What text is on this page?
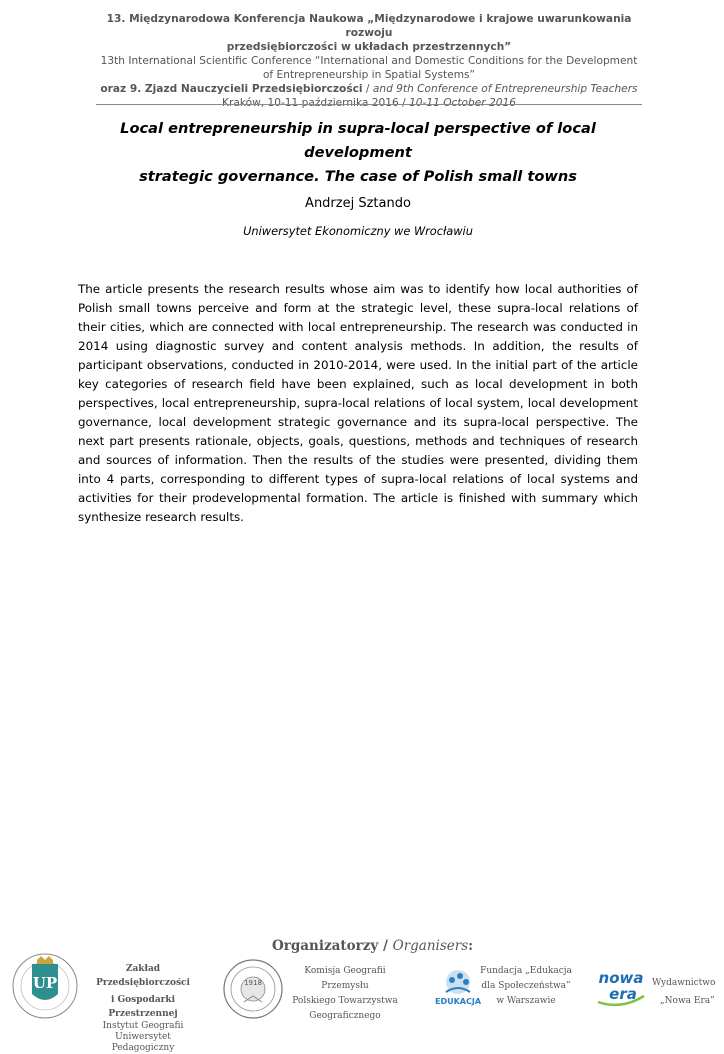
13. Międzynarodowa Konferencja Naukowa „Międzynarodowe i krajowe uwarunkowania rozwoju
przedsiębiorczości w układach przestrzennych”
13th International Scientific Conference “International and Domestic Conditions for the Development
of Entrepreneurship in Spatial Systems”
oraz 9. Zjazd Nauczycieli Przedsiębiorczości / and 9th Conference of Entrepreneurship Teachers
Kraków, 10-11 października 2016 / 10-11 October 2016
Local entrepreneurship in supra-local perspective of local development
strategic governance. The case of Polish small towns
Andrzej Sztando
Uniwersytet Ekonomiczny we Wrocławiu
The article presents the research results whose aim was to identify how local authorities of Polish small towns perceive and form at the strategic level, these supra-local relations of their cities, which are connected with local entrepreneurship. The research was conducted in 2014 using diagnostic survey and content analysis methods. In addition, the results of participant observations, conducted in 2010-2014, were used. In the initial part of the article key categories of research field have been explained, such as local development in both perspectives, local entrepreneurship, supra-local relations of local system, local development governance, local development strategic governance and its supra-local perspective. The next part presents rationale, objects, goals, questions, methods and techniques of research and sources of information. Then the results of the studies were presented, dividing them into 4 parts, corresponding to different types of supra-local relations of local systems and activities for their prodevelopmental formation. The article is finished with summary which synthesize research results.
Organizatorzy / Organisers:
UP
Zakład Przedsiębiorczości
i Gospodarki Przestrzennej
Instytut Geografii
Uniwersytet Pedagogiczny
1918
Komisja Geografii Przemysłu
Polskiego Towarzystwa
Geograficznego
EDUKACJA
Fundacja „Edukacja
dla Społeczeństwa”
w Warszawie
nowa
era
Wydawnictwo
„Nowa Era”
